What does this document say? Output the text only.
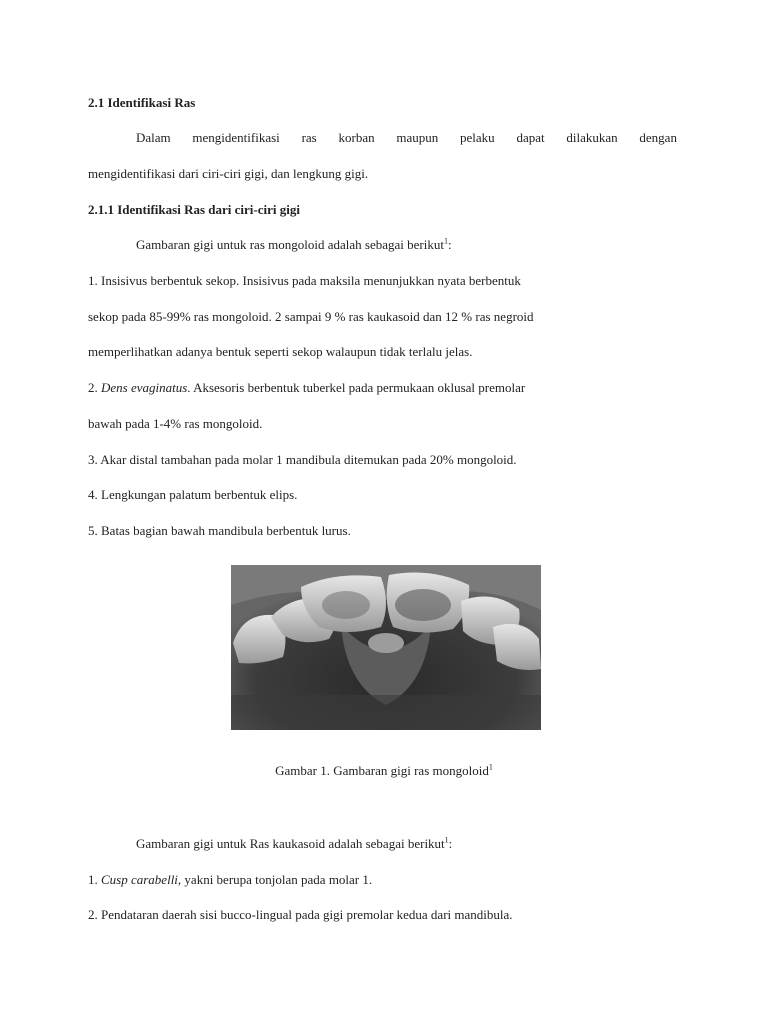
2.1 Identifikasi Ras
Dalam mengidentifikasi ras korban maupun pelaku dapat dilakukan dengan
mengidentifikasi dari ciri-ciri gigi, dan lengkung gigi.
2.1.1 Identifikasi Ras dari ciri-ciri gigi
Gambaran gigi untuk ras mongoloid adalah sebagai berikut$^1$:
1. Insisivus berbentuk sekop. Insisivus pada maksila menunjukkan nyata berbentuk
sekop pada 85-99% ras mongoloid. 2 sampai 9 % ras kaukasoid dan 12 % ras negroid
memperlihatkan adanya bentuk seperti sekop walaupun tidak terlalu jelas.
2. Dens evaginatus. Aksesoris berbentuk tuberkel pada permukaan oklusal premolar
bawah pada 1-4% ras mongoloid.
3. Akar distal tambahan pada molar 1 mandibula ditemukan pada 20% mongoloid.
4. Lengkungan palatum berbentuk elips.
5. Batas bagian bawah mandibula berbentuk lurus.
Gambar 1. Gambaran gigi ras mongoloid$^1$
Gambaran gigi untuk Ras kaukasoid adalah sebagai berikut$^1$:
1. Cusp carabelli, yakni berupa tonjolan pada molar 1.
2. Pendataran daerah sisi bucco-lingual pada gigi premolar kedua dari mandibula.
